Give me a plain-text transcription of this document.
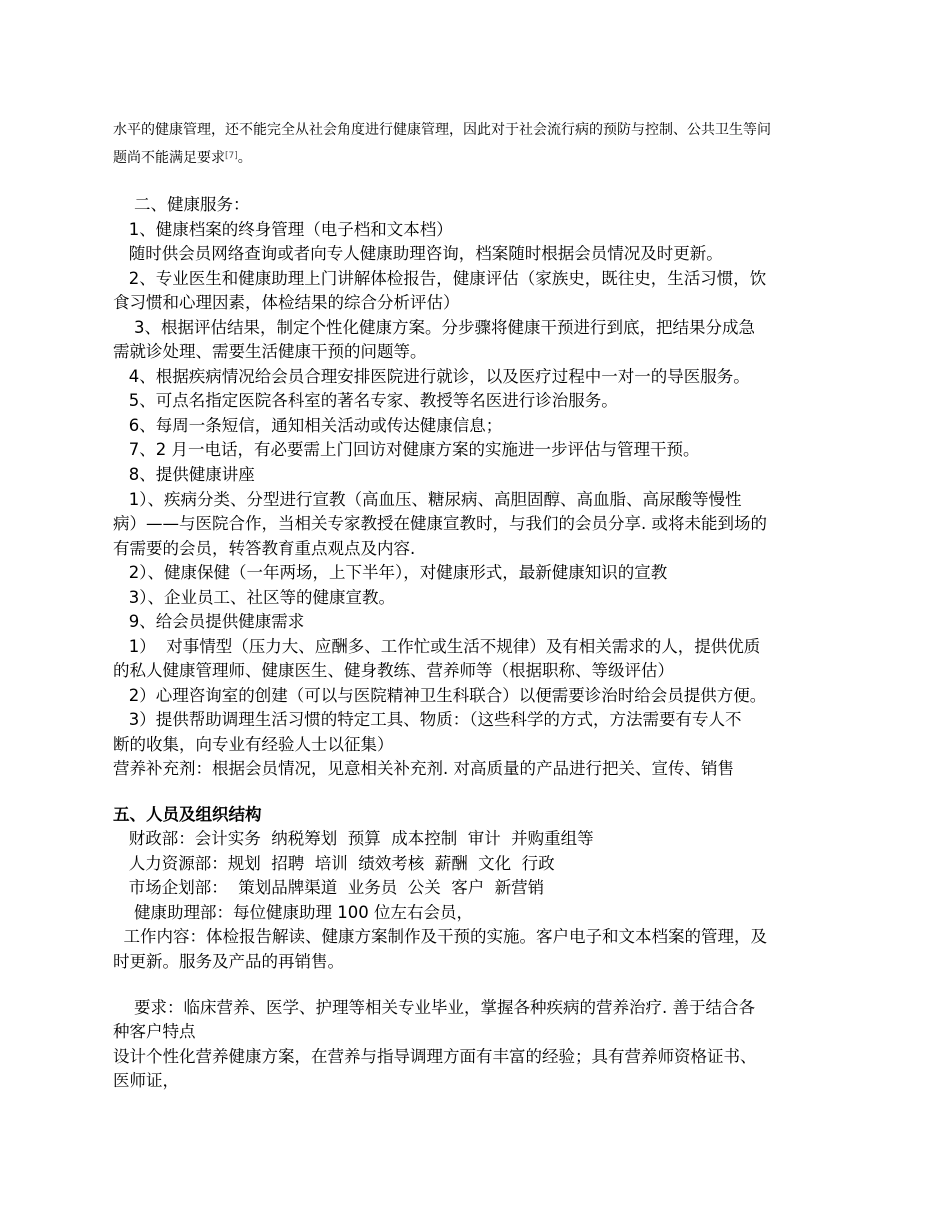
水平的健康管理，还不能完全从社会角度进行健康管理，因此对于社会流行病的预防与控制、公共卫生等问

题尚不能满足要求[7]。

二、健康服务：

1、健康档案的终身管理（电子档和文本档）

随时供会员网络查询或者向专人健康助理咨询，档案随时根据会员情况及时更新。

2、专业医生和健康助理上门讲解体检报告，健康评估（家族史，既往史，生活习惯，饮

食习惯和心理因素，体检结果的综合分析评估）

3、根据评估结果，制定个性化健康方案。分步骤将健康干预进行到底，把结果分成急

需就诊处理、需要生活健康干预的问题等。

4、根据疾病情况给会员合理安排医院进行就诊，以及医疗过程中一对一的导医服务。

5、可点名指定医院各科室的著名专家、教授等名医进行诊治服务。

6、每周一条短信，通知相关活动或传达健康信息；

7、2 月一电话，有必要需上门回访对健康方案的实施进一步评估与管理干预。

8、提供健康讲座

1）、疾病分类、分型进行宣教（高血压、糖尿病、高胆固醇、高血脂、高尿酸等慢性

病）——与医院合作，当相关专家教授在健康宣教时，与我们的会员分享. 或将未能到场的

有需要的会员，转答教育重点观点及内容.

2）、健康保健（一年两场，上下半年），对健康形式，最新健康知识的宣教

3）、企业员工、社区等的健康宣教。

9、给会员提供健康需求

1）  对事情型（压力大、应酬多、工作忙或生活不规律）及有相关需求的人，提供优质

的私人健康管理师、健康医生、健身教练、营养师等（根据职称、等级评估）

2）心理咨询室的创建（可以与医院精神卫生科联合）以便需要诊治时给会员提供方便。

3）提供帮助调理生活习惯的特定工具、物质：（这些科学的方式，方法需要有专人不

断的收集，向专业有经验人士以征集）

营养补充剂：根据会员情况，见意相关补充剂. 对高质量的产品进行把关、宣传、销售

五、人员及组织结构

财政部：会计实务  纳税筹划  预算  成本控制  审计  并购重组等

人力资源部：规划  招聘  培训  绩效考核  薪酬  文化  行政

市场企划部：  策划品牌渠道  业务员  公关  客户  新营销

健康助理部：每位健康助理 100 位左右会员，

工作内容：体检报告解读、健康方案制作及干预的实施。客户电子和文本档案的管理，及

时更新。服务及产品的再销售。

要求：临床营养、医学、护理等相关专业毕业，掌握各种疾病的营养治疗. 善于结合各

种客户特点

设计个性化营养健康方案，在营养与指导调理方面有丰富的经验；具有营养师资格证书、

医师证，
